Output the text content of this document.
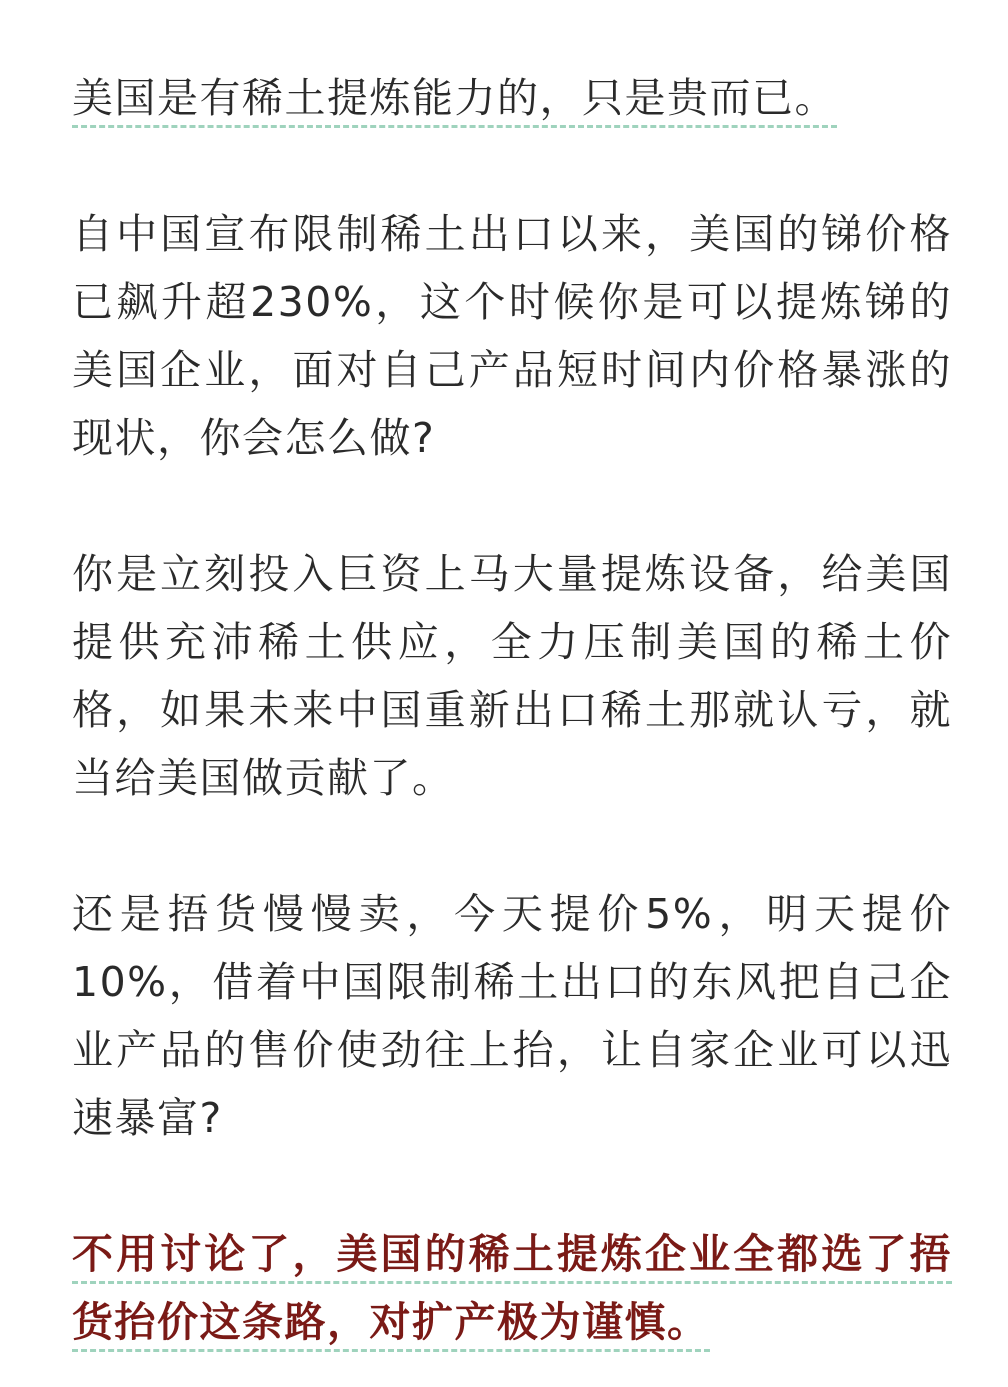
美国是有稀土提炼能力的，只是贵而已。

自中国宣布限制稀土出口以来，美国的锑价格已飙升超230%，这个时候你是可以提炼锑的美国企业，面对自己产品短时间内价格暴涨的现状，你会怎么做?

你是立刻投入巨资上马大量提炼设备，给美国提供充沛稀土供应，全力压制美国的稀土价格，如果未来中国重新出口稀土那就认亏，就当给美国做贡献了。

还是捂货慢慢卖，今天提价5%，明天提价10%，借着中国限制稀土出口的东风把自己企业产品的售价使劲往上抬，让自家企业可以迅速暴富?

不用讨论了，美国的稀土提炼企业全都选了捂货抬价这条路，对扩产极为谨慎。
